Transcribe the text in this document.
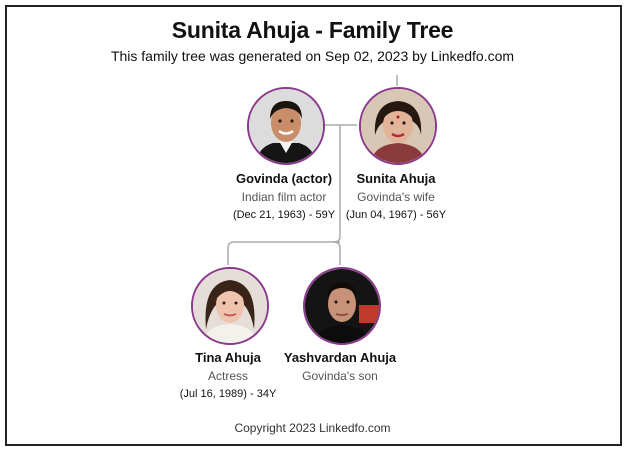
Sunita Ahuja - Family Tree
This family tree was generated on Sep 02, 2023 by Linkedfo.com
Govinda (actor)
Indian film actor
(Dec 21, 1963) - 59Y
Sunita Ahuja
Govinda's wife
(Jun 04, 1967) - 56Y
Tina Ahuja
Actress
(Jul 16, 1989) - 34Y
Yashvardan Ahuja
Govinda's son
Copyright 2023 Linkedfo.com
